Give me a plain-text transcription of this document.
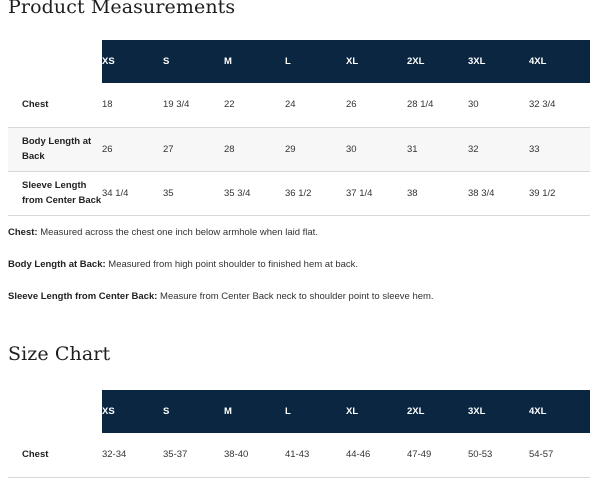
Product Measurements
	XS	S	M	L	XL	2XL	3XL	4XL
Chest	18	19 3/4	22	24	26	28 1/4	30	32 3/4
Body Length at Back	26	27	28	29	30	31	32	33
Sleeve Length from Center Back	34 1/4	35	35 3/4	36 1/2	37 1/4	38	38 3/4	39 1/2

Chest: Measured across the chest one inch below armhole when laid flat.

Body Length at Back: Measured from high point shoulder to finished hem at back.

Sleeve Length from Center Back: Measure from Center Back neck to shoulder point to sleeve hem.

Size Chart
	XS	S	M	L	XL	2XL	3XL	4XL
Chest	32-34	35-37	38-40	41-43	44-46	47-49	50-53	54-57
